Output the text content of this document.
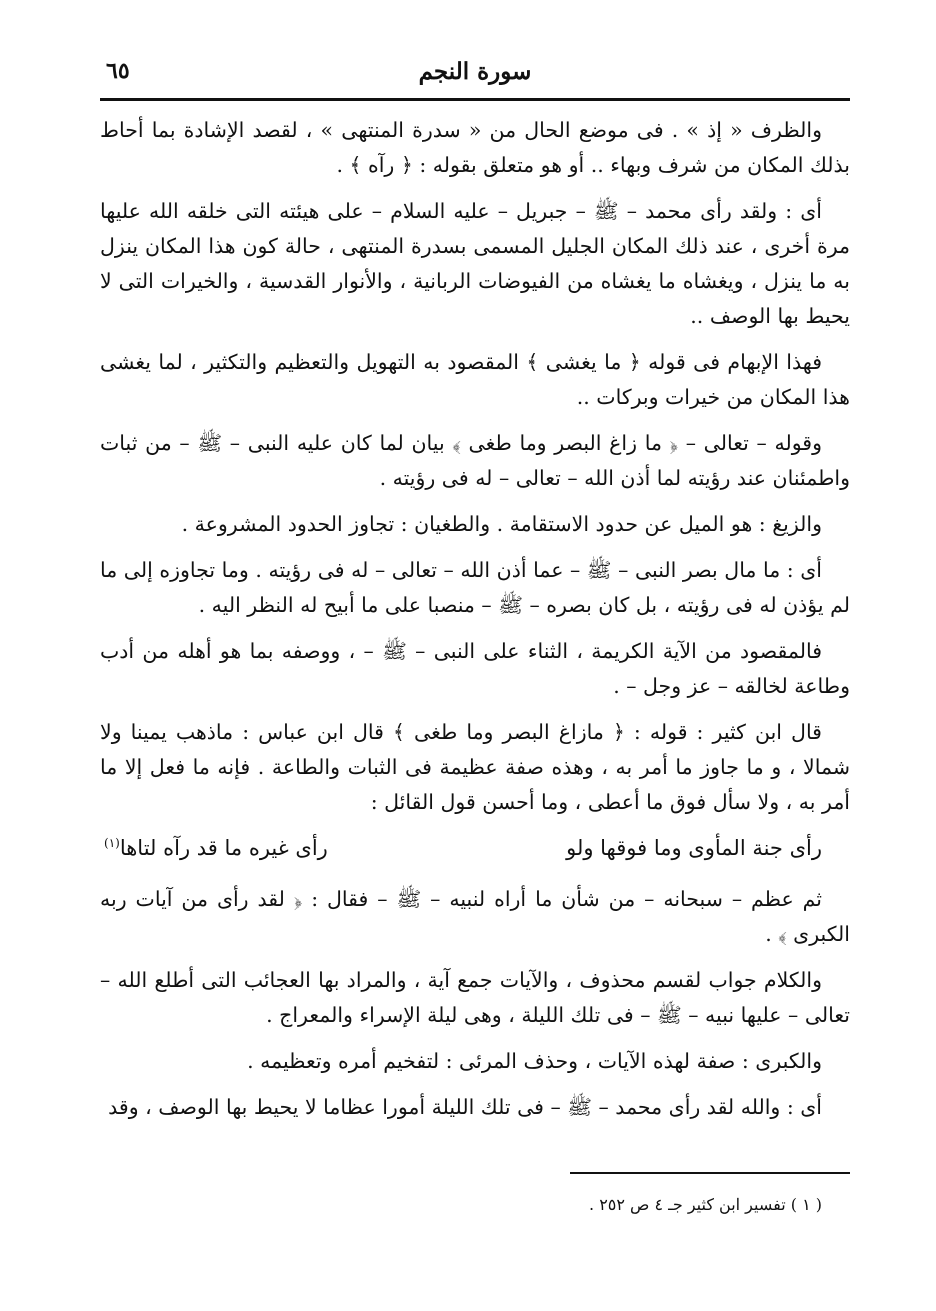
٦٥	سورة النجم

والظرف « إذ » . فى موضع الحال من « سدرة المنتهى » ، لقصد الإشادة بما أحاط بذلك المكان من شرف وبهاء .. أو هو متعلق بقوله : ﴿ رآه ﴾ .

أى : ولقد رأى محمد – ﷺ – جبريل – عليه السلام – على هيئته التى خلقه الله عليها مرة أخرى ، عند ذلك المكان الجليل المسمى بسدرة المنتهى ، حالة كون هذا المكان ينزل به ما ينزل ، ويغشاه ما يغشاه من الفيوضات الربانية ، والأنوار القدسية ، والخيرات التى لا يحيط بها الوصف ..

فهذا الإبهام فى قوله ﴿ ما يغشى ﴾ المقصود به التهويل والتعظيم والتكثير ، لما يغشى هذا المكان من خيرات وبركات ..

وقوله – تعالى – ﴿ ما زاغ البصر وما طغى ﴾ بيان لما كان عليه النبى – ﷺ – من ثبات واطمئنان عند رؤيته لما أذن الله – تعالى – له فى رؤيته .

والزيغ : هو الميل عن حدود الاستقامة . والطغيان : تجاوز الحدود المشروعة .

أى : ما مال بصر النبى – ﷺ – عما أذن الله – تعالى – له فى رؤيته . وما تجاوزه إلى ما لم يؤذن له فى رؤيته ، بل كان بصره – ﷺ – منصبا على ما أبيح له النظر اليه .

فالمقصود من الآية الكريمة ، الثناء على النبى – ﷺ – ، ووصفه بما هو أهله من أدب وطاعة لخالقه – عز وجل – .

قال ابن كثير : قوله : ﴿ مازاغ البصر وما طغى ﴾ قال ابن عباس : ماذهب يمينا ولا شمالا ، و ما جاوز ما أمر به ، وهذه صفة عظيمة فى الثبات والطاعة . فإنه ما فعل إلا ما أمر به ، ولا سأل فوق ما أعطى ، وما أحسن قول القائل :

رأى جنة المأوى وما فوقها ولو
رأى غيره ما قد رآه لتاها$^{(١)}$

ثم عظم – سبحانه – من شأن ما أراه لنبيه – ﷺ – فقال : ﴿ لقد رأى من آيات ربه الكبرى ﴾ .

والكلام جواب لقسم محذوف ، والآيات جمع آية ، والمراد بها العجائب التى أطلع الله – تعالى – عليها نبيه – ﷺ – فى تلك الليلة ، وهى ليلة الإسراء والمعراج .

والكبرى : صفة لهذه الآيات ، وحذف المرئى : لتفخيم أمره وتعظيمه .

أى : والله لقد رأى محمد – ﷺ – فى تلك الليلة أمورا عظاما لا يحيط بها الوصف ، وقد

( ١ ) تفسير ابن كثير جـ ٤ ص ٢٥٢ .
